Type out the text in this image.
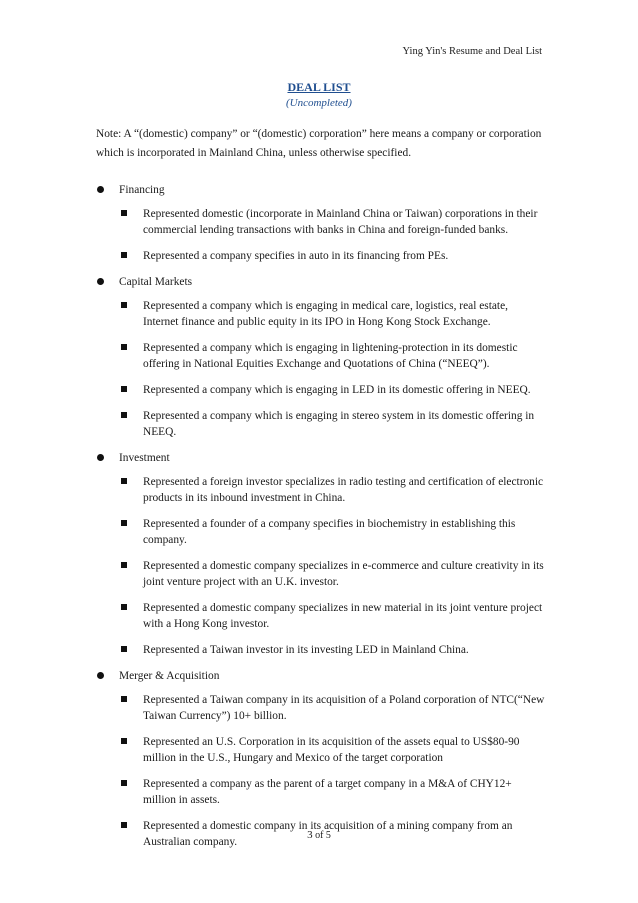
Ying Yin's Resume and Deal List
DEAL LIST
(Uncompleted)
Note: A “(domestic) company” or “(domestic) corporation” here means a company or corporation which is incorporated in Mainland China, unless otherwise specified.
Financing
Represented domestic (incorporate in Mainland China or Taiwan) corporations in their commercial lending transactions with banks in China and foreign-funded banks.
Represented a company specifies in auto in its financing from PEs.
Capital Markets
Represented a company which is engaging in medical care, logistics, real estate, Internet finance and public equity in its IPO in Hong Kong Stock Exchange.
Represented a company which is engaging in lightening-protection in its domestic offering in National Equities Exchange and Quotations of China (“NEEQ”).
Represented a company which is engaging in LED in its domestic offering in NEEQ.
Represented a company which is engaging in stereo system in its domestic offering in NEEQ.
Investment
Represented a foreign investor specializes in radio testing and certification of electronic products in its inbound investment in China.
Represented a founder of a company specifies in biochemistry in establishing this company.
Represented a domestic company specializes in e-commerce and culture creativity in its joint venture project with an U.K. investor.
Represented a domestic company specializes in new material in its joint venture project with a Hong Kong investor.
Represented a Taiwan investor in its investing LED in Mainland China.
Merger & Acquisition
Represented a Taiwan company in its acquisition of a Poland corporation of NTC(“New Taiwan Currency”) 10+ billion.
Represented an U.S. Corporation in its acquisition of the assets equal to US$80-90 million in the U.S., Hungary and Mexico of the target corporation
Represented a company as the parent of a target company in a M&A of CHY12+ million in assets.
Represented a domestic company in its acquisition of a mining company from an Australian company.
3 of 5
